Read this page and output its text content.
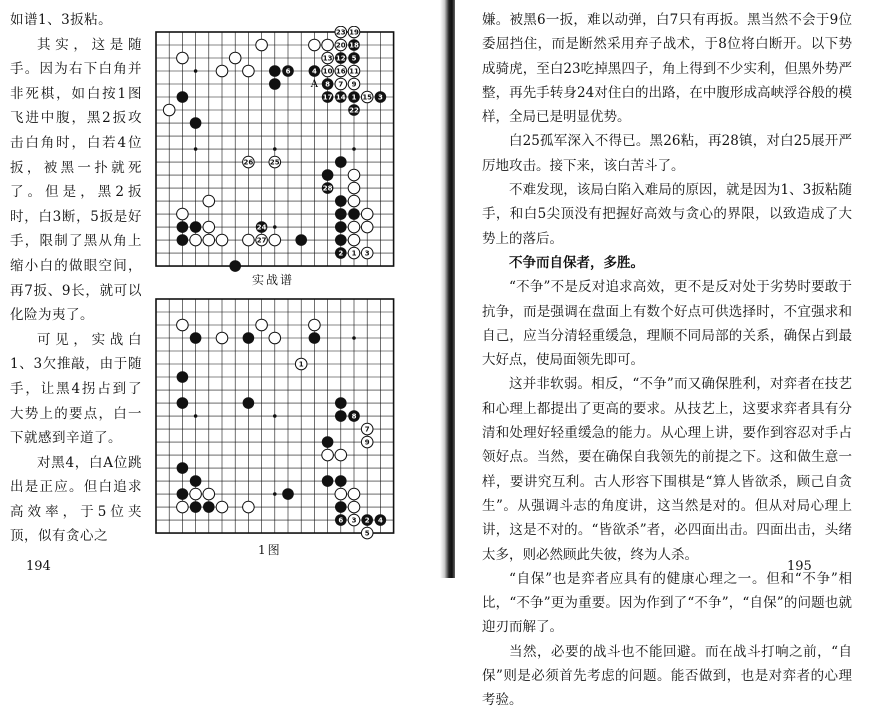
如谱1、3扳粘。

其实，这是随手。因为右下白角并非死棋，如白按1图飞进中腹，黑2扳攻击白角时，白若4位扳，被黑一扑就死了。但是，黑2扳时，白3断，5扳是好手，限制了黑从角上缩小白的做眼空间，再7扳、9长，就可以化险为夷了。

可见，实战白1、3欠推敲，由于随手，让黑4拐占到了大势上的要点，白一下就感到辛道了。

对黑4，白A位跳出是正应。但白追求高效率，于5位夹顶，似有贪心之

23 19
20 18
13 12 5
6	4 10 16 11
8 7 9
17 14 1 15 3
22
26 25
28
24
27
2 1 3
A
实战谱
1
8
7
9
6 3 2 4
5
1图
194

嫌。被黑6一扳，难以动弹，白7只有再扳。黑当然不会于9位委屈挡住，而是断然采用弃子战术，于8位将白断开。以下势成骑虎，至白23吃掉黑四子，角上得到不少实利，但黑外势严整，再先手转身24对住白的出路，在中腹形成高峡浮谷般的模样，全局已是明显优势。

白25孤军深入不得已。黑26粘，再28镇，对白25展开严厉地攻击。接下来，该白苦斗了。

不难发现，该局白陷入难局的原因，就是因为1、3扳粘随手，和白5尖顶没有把握好高效与贪心的界限，以致造成了大势上的落后。

不争而自保者，多胜。

“不争”不是反对追求高效，更不是反对处于劣势时要敢于抗争，而是强调在盘面上有数个好点可供选择时，不宜强求和自己，应当分清轻重缓急，理顺不同局部的关系，确保占到最大好点，使局面领先即可。

这并非软弱。相反，“不争”而又确保胜利，对弈者在技艺和心理上都提出了更高的要求。从技艺上，这要求弈者具有分清和处理好轻重缓急的能力。从心理上讲，要作到容忍对手占领好点。当然，要在确保自我领先的前提之下。这和做生意一样，要讲究互利。古人形容下围棋是“算人皆欲杀，顾己自贪生”。从强调斗志的角度讲，这当然是对的。但从对局心理上讲，这是不对的。“皆欲杀”者，必四面出击。四面出击，头绪太多，则必然顾此失彼，终为人杀。

“自保”也是弈者应具有的健康心理之一。但和“不争”相比，“不争”更为重要。因为作到了“不争”，“自保”的问题也就迎刃而解了。

当然，必要的战斗也不能回避。而在战斗打响之前，“自保”则是必须首先考虑的问题。能否做到，也是对弈者的心理考验。

195
